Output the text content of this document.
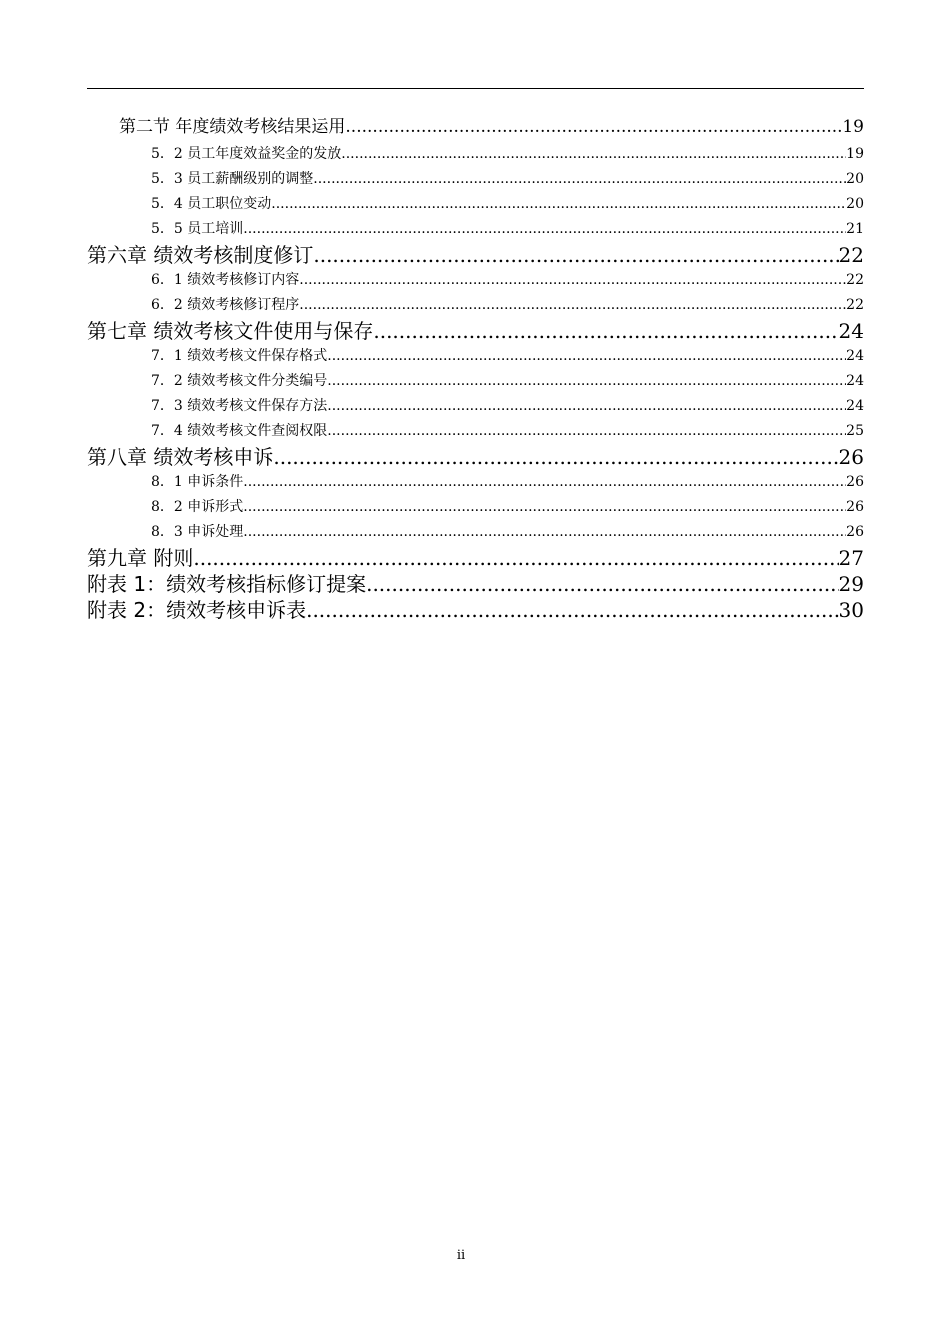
第二节 年度绩效考核结果运用 .....	19
5．2 员工年度效益奖金的发放 .....	19
5．3 员工薪酬级别的调整 .....	20
5．4 员工职位变动 .....	20
5．5 员工培训 .....	21
第六章 绩效考核制度修订 .....	22
6．1 绩效考核修订内容 .....	22
6．2 绩效考核修订程序 .....	22
第七章 绩效考核文件使用与保存 .....	24
7．1 绩效考核文件保存格式 .....	24
7．2 绩效考核文件分类编号 .....	24
7．3 绩效考核文件保存方法 .....	24
7．4 绩效考核文件查阅权限 .....	25
第八章 绩效考核申诉 .....	26
8．1 申诉条件 .....	26
8．2 申诉形式 .....	26
8．3 申诉处理 .....	26
第九章 附则 .....	27
附表 1：绩效考核指标修订提案 .....	29
附表 2：绩效考核申诉表 .....	30
ii
